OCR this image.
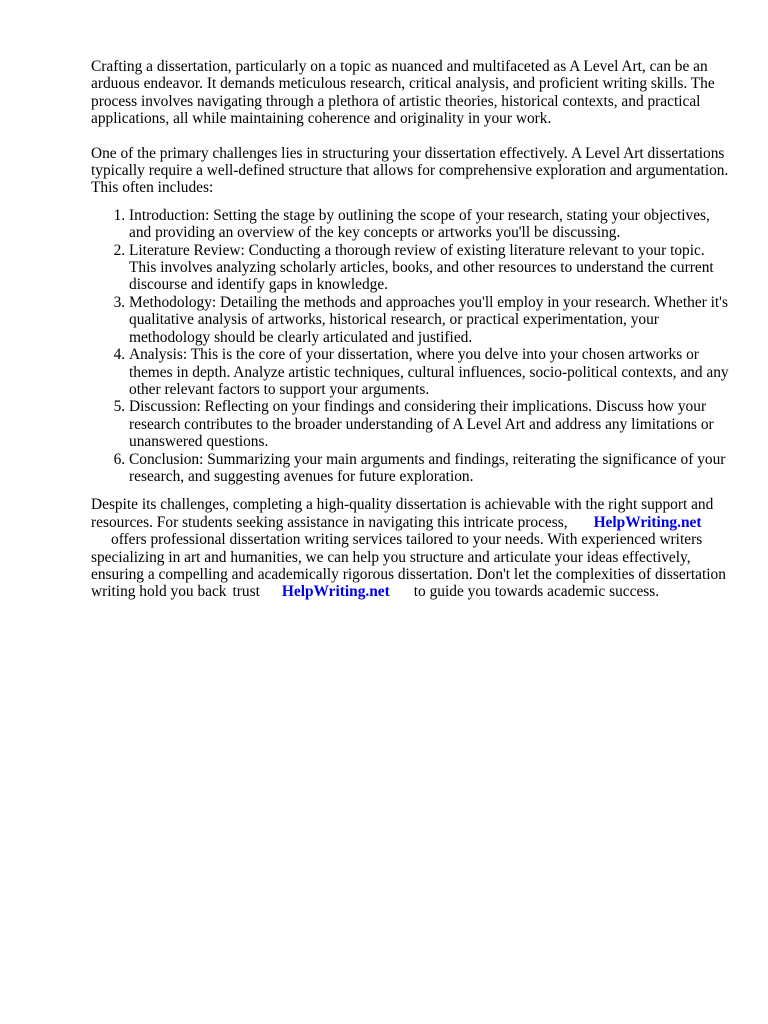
Crafting a dissertation, particularly on a topic as nuanced and multifaceted as A Level Art, can be an arduous endeavor. It demands meticulous research, critical analysis, and proficient writing skills. The process involves navigating through a plethora of artistic theories, historical contexts, and practical applications, all while maintaining coherence and originality in your work.

One of the primary challenges lies in structuring your dissertation effectively. A Level Art dissertations typically require a well-defined structure that allows for comprehensive exploration and argumentation. This often includes:

1. Introduction: Setting the stage by outlining the scope of your research, stating your objectives, and providing an overview of the key concepts or artworks you'll be discussing.
2. Literature Review: Conducting a thorough review of existing literature relevant to your topic. This involves analyzing scholarly articles, books, and other resources to understand the current discourse and identify gaps in knowledge.
3. Methodology: Detailing the methods and approaches you'll employ in your research. Whether it's qualitative analysis of artworks, historical research, or practical experimentation, your methodology should be clearly articulated and justified.
4. Analysis: This is the core of your dissertation, where you delve into your chosen artworks or themes in depth. Analyze artistic techniques, cultural influences, socio-political contexts, and any other relevant factors to support your arguments.
5. Discussion: Reflecting on your findings and considering their implications. Discuss how your research contributes to the broader understanding of A Level Art and address any limitations or unanswered questions.
6. Conclusion: Summarizing your main arguments and findings, reiterating the significance of your research, and suggesting avenues for future exploration.

Despite its challenges, completing a high-quality dissertation is achievable with the right support and resources. For students seeking assistance in navigating this intricate process, HelpWriting.net
offers professional dissertation writing services tailored to your needs. With experienced writers specializing in art and humanities, we can help you structure and articulate your ideas effectively, ensuring a compelling and academically rigorous dissertation. Don't let the complexities of dissertation writing hold you back trust HelpWriting.net to guide you towards academic success.
